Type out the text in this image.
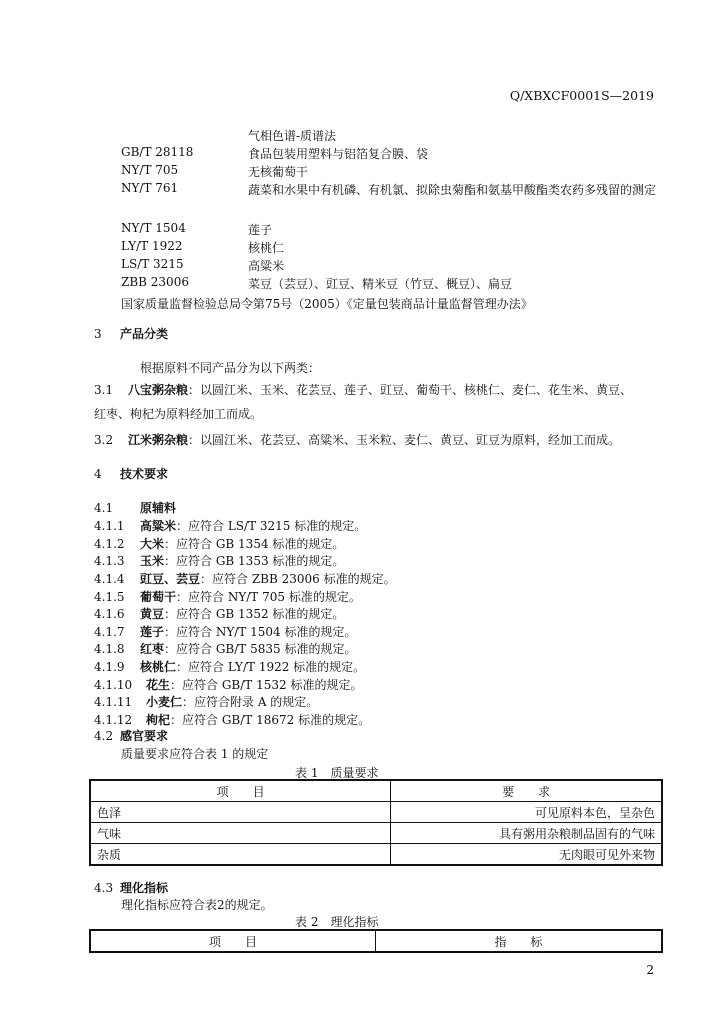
Q/XBXCF0001S—2019
气相色谱-质谱法
GB/T 28118	食品包装用塑料与铝箔复合膜、袋
NY/T 705	无核葡萄干
NY/T 761	蔬菜和水果中有机磷、有机氯、拟除虫菊酯和氨基甲酸酯类农药多残留的测定
NY/T 1504	莲子
LY/T 1922	核桃仁
LS/T 3215	高粱米
ZBB 23006	菜豆（芸豆）、豇豆、精米豆（竹豆、概豆）、扁豆
国家质量监督检验总局令第75号（2005）《定量包装商品计量监督管理办法》
3 产品分类
根据原料不同产品分为以下两类：
3.1 八宝粥杂粮：以圆江米、玉米、花芸豆、莲子、豇豆、葡萄干、核桃仁、麦仁、花生米、黄豆、
红枣、枸杞为原料经加工而成。
3.2 江米粥杂粮：以圆江米、花芸豆、高粱米、玉米粒、麦仁、黄豆、豇豆为原料，经加工而成。
4 技术要求
4.1 原辅料
4.1.1 高粱米：应符合 LS/T 3215 标准的规定。
4.1.2 大米：应符合 GB 1354 标准的规定。
4.1.3 玉米：应符合 GB 1353 标准的规定。
4.1.4 豇豆、芸豆：应符合 ZBB 23006 标准的规定。
4.1.5 葡萄干：应符合 NY/T 705 标准的规定。
4.1.6 黄豆：应符合 GB 1352 标准的规定。
4.1.7 莲子：应符合 NY/T 1504 标准的规定。
4.1.8 红枣：应符合 GB/T 5835 标准的规定。
4.1.9 核桃仁：应符合 LY/T 1922 标准的规定。
4.1.10 花生：应符合 GB/T 1532 标准的规定。
4.1.11 小麦仁：应符合附录 A 的规定。
4.1.12 枸杞：应符合 GB/T 18672 标准的规定。
4.2 感官要求
质量要求应符合表 1 的规定
表 1　质量要求
项　　目	要　　求
色泽	可见原料本色，呈杂色
气味	具有粥用杂粮制品固有的气味
杂质	无肉眼可见外来物
4.3 理化指标
理化指标应符合表2的规定。
表 2　理化指标
项　　目	指　　标
2
